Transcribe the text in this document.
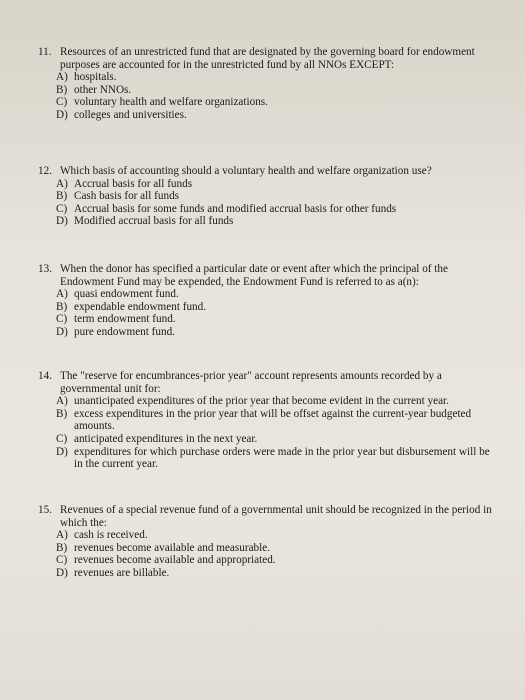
11. Resources of an unrestricted fund that are designated by the governing board for endowment purposes are accounted for in the unrestricted fund by all NNOs EXCEPT:
A) hospitals.
B) other NNOs.
C) voluntary health and welfare organizations.
D) colleges and universities.
12. Which basis of accounting should a voluntary health and welfare organization use?
A) Accrual basis for all funds
B) Cash basis for all funds
C) Accrual basis for some funds and modified accrual basis for other funds
D) Modified accrual basis for all funds
13. When the donor has specified a particular date or event after which the principal of the Endowment Fund may be expended, the Endowment Fund is referred to as a(n):
A) quasi endowment fund.
B) expendable endowment fund.
C) term endowment fund.
D) pure endowment fund.
14. The "reserve for encumbrances-prior year" account represents amounts recorded by a governmental unit for:
A) unanticipated expenditures of the prior year that become evident in the current year.
B) excess expenditures in the prior year that will be offset against the current-year budgeted amounts.
C) anticipated expenditures in the next year.
D) expenditures for which purchase orders were made in the prior year but disbursement will be in the current year.
15. Revenues of a special revenue fund of a governmental unit should be recognized in the period in which the:
A) cash is received.
B) revenues become available and measurable.
C) revenues become available and appropriated.
D) revenues are billable.
